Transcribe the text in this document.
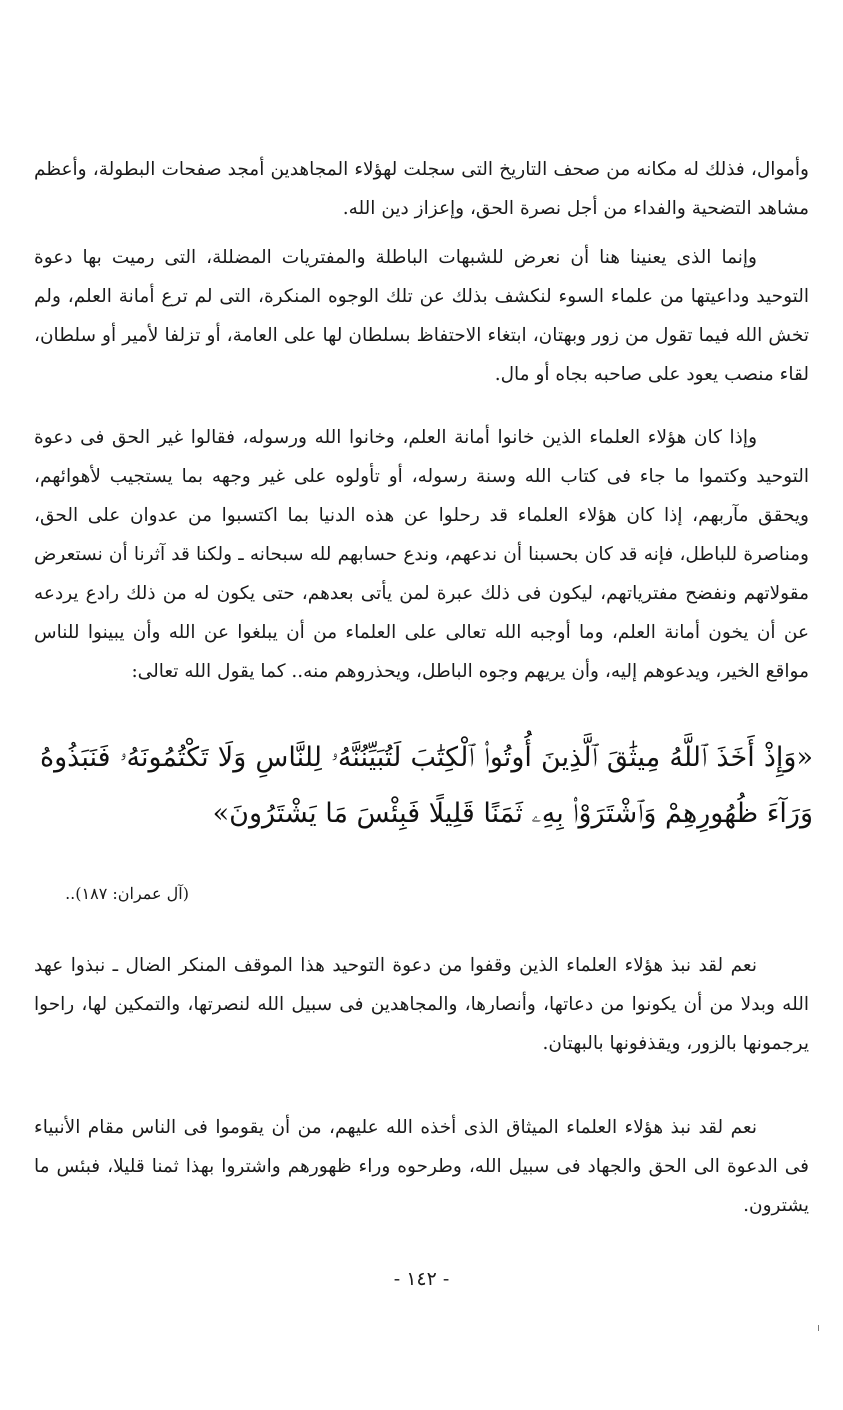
وأموال، فذلك له مكانه من صحف التاريخ التى سجلت لهؤلاء المجاهدين أمجد صفحات البطولة، وأعظم مشاهد التضحية والفداء من أجل نصرة الحق، وإعزاز دين الله.

وإنما الذى يعنينا هنا أن نعرض للشبهات الباطلة والمفتريات المضللة، التى رميت بها دعوة التوحيد وداعيتها من علماء السوء لنكشف بذلك عن تلك الوجوه المنكرة، التى لم ترع أمانة العلم، ولم تخش الله فيما تقول من زور وبهتان، ابتغاء الاحتفاظ بسلطان لها على العامة، أو تزلفا لأمير أو سلطان، لقاء منصب يعود على صاحبه بجاه أو مال.

وإذا كان هؤلاء العلماء الذين خانوا أمانة العلم، وخانوا الله ورسوله، فقالوا غير الحق فى دعوة التوحيد وكتموا ما جاء فى كتاب الله وسنة رسوله، أو تأولوه على غير وجهه بما يستجيب لأهوائهم، ويحقق مآربهم، إذا كان هؤلاء العلماء قد رحلوا عن هذه الدنيا بما اكتسبوا من عدوان على الحق، ومناصرة للباطل، فإنه قد كان بحسبنا أن ندعهم، وندع حسابهم لله سبحانه ـ ولكنا قد آثرنا أن نستعرض مقولاتهم ونفضح مفترياتهم، ليكون فى ذلك عبرة لمن يأتى بعدهم، حتى يكون له من ذلك رادع يردعه عن أن يخون أمانة العلم، وما أوجبه الله تعالى على العلماء من أن يبلغوا عن الله وأن يبينوا للناس مواقع الخير، ويدعوهم إليه، وأن يريهم وجوه الباطل، ويحذروهم منه.. كما يقول الله تعالى:

«وَإِذْ أَخَذَ ٱللَّهُ مِيثَٰقَ ٱلَّذِينَ أُوتُوا۟ ٱلْكِتَٰبَ لَتُبَيِّنُنَّهُۥ لِلنَّاسِ وَلَا تَكْتُمُونَهُۥ فَنَبَذُوهُ وَرَآءَ ظُهُورِهِمْ وَٱشْتَرَوْا۟ بِهِۦ ثَمَنًا قَلِيلًا فَبِئْسَ مَا يَشْتَرُونَ»

(آل عمران: ١٨٧)..

نعم لقد نبذ هؤلاء العلماء الذين وقفوا من دعوة التوحيد هذا الموقف المنكر الضال ـ نبذوا عهد الله وبدلا من أن يكونوا من دعاتها، وأنصارها، والمجاهدين فى سبيل الله لنصرتها، والتمكين لها، راحوا يرجمونها بالزور، ويقذفونها بالبهتان.

نعم لقد نبذ هؤلاء العلماء الميثاق الذى أخذه الله عليهم، من أن يقوموا فى الناس مقام الأنبياء فى الدعوة الى الحق والجهاد فى سبيل الله، وطرحوه وراء ظهورهم واشتروا بهذا ثمنا قليلا، فبئس ما يشترون.

- ١٤٢ -
